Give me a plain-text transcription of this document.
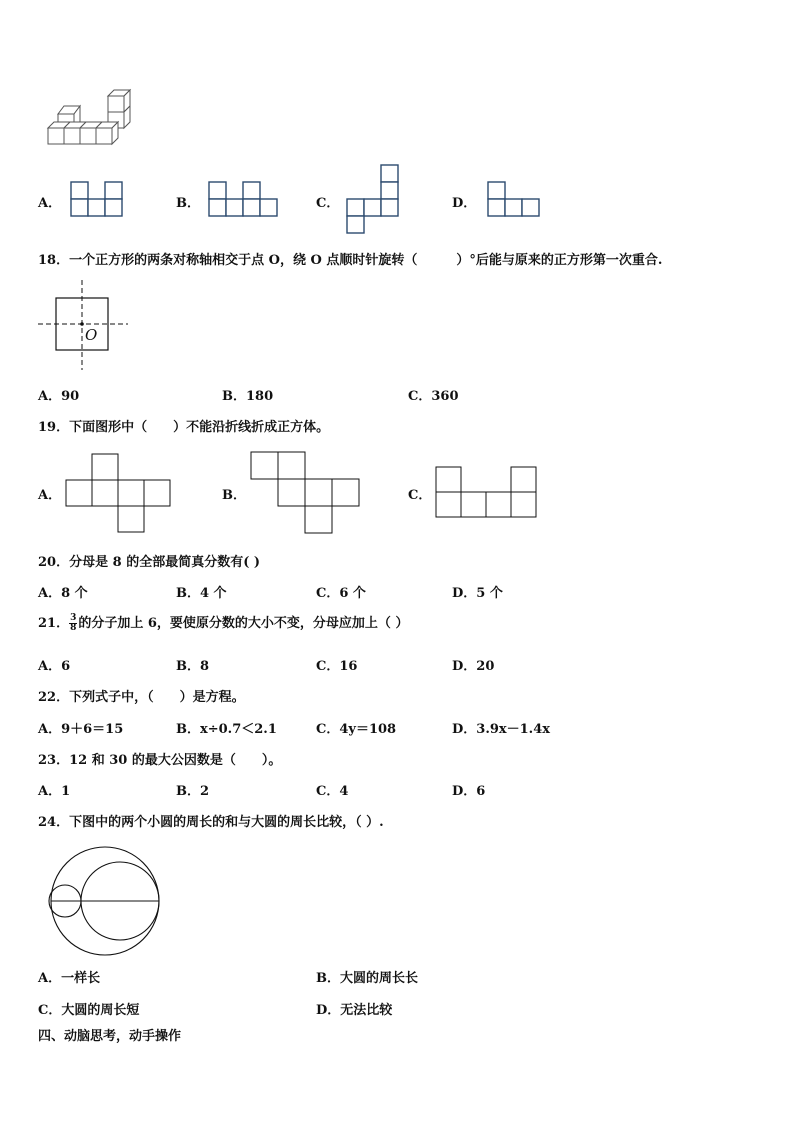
A．	B．	C．	D．
18．一个正方形的两条对称轴相交于点 O，绕 O 点顺时针旋转（　　　）°后能与原来的正方形第一次重合.
O
A．90	B．180	C．360
19．下面图形中（　　）不能沿折线折成正方体。
A．	B．	C．
20．分母是 8 的全部最简真分数有( )
A．8 个	B．4 个	C．6 个	D．5 个
21． $\frac{3}{8}$ 的分子加上 6，要使原分数的大小不变，分母应加上（ ）
A．6	B．8	C．16	D．20
22．下列式子中，（　　）是方程。
A．9＋6＝15	B．x÷0.7＜2.1	C．4y＝108	D．3.9x－1.4x
23．12 和 30 的最大公因数是（　　）。
A．1	B．2	C．4	D．6
24．下图中的两个小圆的周长的和与大圆的周长比较，（ ）.
A．一样长	B．大圆的周长长
C．大圆的周长短	D．无法比较
四、动脑思考，动手操作
